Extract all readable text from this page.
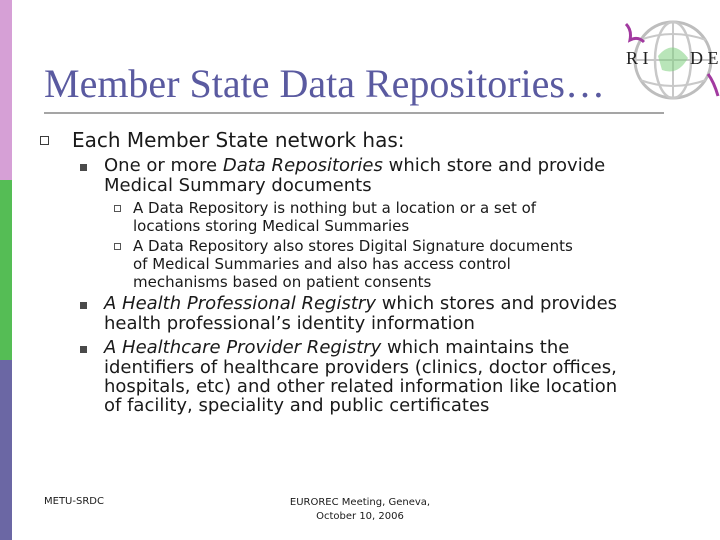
R I D E
Member State Data Repositories…
Each Member State network has:
One or more Data Repositories which store and provide
Medical Summary documents
A Data Repository is nothing but a location or a set of
locations storing Medical Summaries
A Data Repository also stores Digital Signature documents
of Medical Summaries and also has access control
mechanisms based on patient consents
A Health Professional Registry which stores and provides
health professional’s identity information
A Healthcare Provider Registry which maintains the
identifiers of healthcare providers (clinics, doctor offices,
hospitals, etc) and other related information like location
of facility, speciality and public certificates
METU-SRDC	EUROREC Meeting, Geneva,
October 10, 2006
